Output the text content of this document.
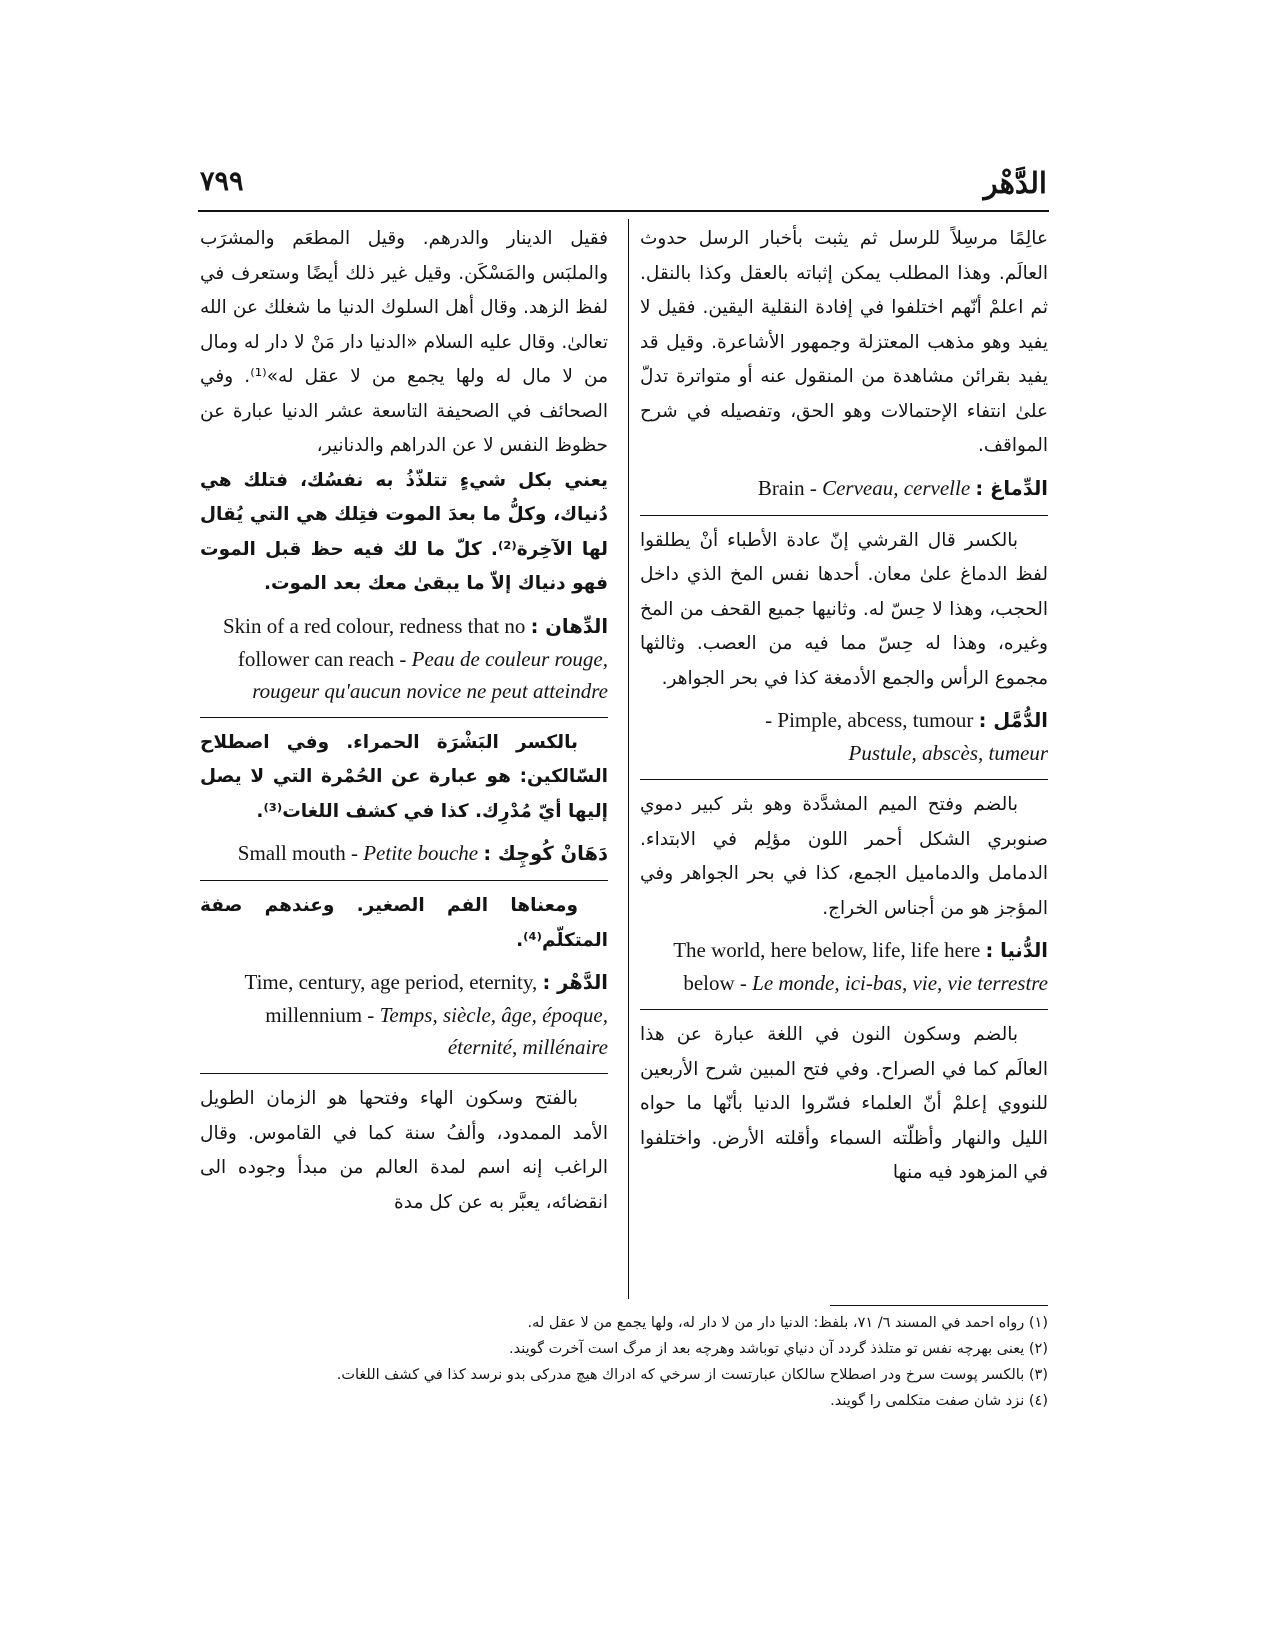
٧٩٩	الدَّهْر

عالِمًا مرسِلاً للرسل ثم يثبت بأخبار الرسل حدوث العالَم. وهذا المطلب يمكن إثباته بالعقل وكذا بالنقل. ثم اعلمْ أنّهم اختلفوا في إفادة النقلية اليقين. فقيل لا يفيد وهو مذهب المعتزلة وجمهور الأشاعرة. وقيل قد يفيد بقرائن مشاهدة من المنقول عنه أو متواترة تدلّ علىٰ انتفاء الإحتمالات وهو الحق، وتفصيله في شرح المواقف.

الدِّماغ : Brain - Cerveau, cervelle

بالكسر قال القرشي إنّ عادة الأطباء أنْ يطلقوا لفظ الدماغ علىٰ معان. أحدها نفس المخ الذي داخل الحجب، وهذا لا حِسّ له. وثانيها جميع القحف من المخ وغيره، وهذا له حِسّ مما فيه من العصب. وثالثها مجموع الرأس والجمع الأدمغة كذا في بحر الجواهر.

الدُّمَّل : Pimple, abcess, tumour -
Pustule, abscès, tumeur

بالضم وفتح الميم المشدَّدة وهو بثر كبير دموي صنوبري الشكل أحمر اللون مؤلِم في الابتداء. الدمامل والدماميل الجمع، كذا في بحر الجواهر وفي المؤجز هو من أجناس الخراج.

الدُّنيا : The world, here below, life, life here below - Le monde, ici-bas, vie, vie terrestre

بالضم وسكون النون في اللغة عبارة عن هذا العالَم كما في الصراح. وفي فتح المبين شرح الأربعين للنووي إعلمْ أنّ العلماء فسّروا الدنيا بأنّها ما حواه الليل والنهار وأظلّته السماء وأقلته الأرض. واختلفوا في المزهود فيه منها

فقيل الدينار والدرهم. وقيل المطعَم والمشرَب والملبَس والمَسْكَن. وقيل غير ذلك أيضًا وستعرف في لفظ الزهد. وقال أهل السلوك الدنيا ما شغلك عن الله تعالىٰ. وقال عليه السلام «الدنيا دار مَنْ لا دار له ومال من لا مال له ولها يجمع من لا عقل له»⁽¹⁾. وفي الصحائف في الصحيفة التاسعة عشر الدنيا عبارة عن حظوظ النفس لا عن الدراهم والدنانير،

يعني بكل شيءٍ تتلذّذُ به نفسُك، فتلك هي دُنياك، وكلُّ ما بعدَ الموت فتِلك هي التي يُقال لها الآخِرة⁽²⁾. كلّ ما لك فيه حظ قبل الموت فهو دنياك إلاّ ما يبقىٰ معك بعد الموت.

الدِّهان : Skin of a red colour, redness that no follower can reach - Peau de couleur rouge, rougeur qu'aucun novice ne peut atteindre

بالكسر البَشْرَة الحمراء. وفي اصطلاح السّالكين: هو عبارة عن الحُمْرة التي لا يصل إليها أيّ مُدْرِك. كذا في كشف اللغات⁽³⁾.

دَهَانْ كُوچِك : Small mouth - Petite bouche

ومعناها الفم الصغير. وعندهم صفة المتكلّم⁽⁴⁾.

الدَّهْر : Time, century, age period, eternity, millennium - Temps, siècle, âge, époque, éternité, millénaire

بالفتح وسكون الهاء وفتحها هو الزمان الطويل الأمد الممدود، وألفُ سنة كما في القاموس. وقال الراغب إنه اسم لمدة العالم من مبدأ وجوده الى انقضائه، يعبَّر به عن كل مدة

(١) رواه احمد في المسند ٦/ ٧١، بلفظ: الدنيا دار من لا دار له، ولها يجمع من لا عقل له.

(٢) يعنى بهرچه نفس تو متلذذ گردد آن دنياي توباشد وهرچه بعد از مرگ است آخرت گويند.

(٣) بالكسر پوست سرخ ودر اصطلاح سالكان عبارتست از سرخي كه ادراك هيچ مدركى بدو نرسد كذا في كشف اللغات.

(٤) نزد شان صفت متكلمى را گويند.
